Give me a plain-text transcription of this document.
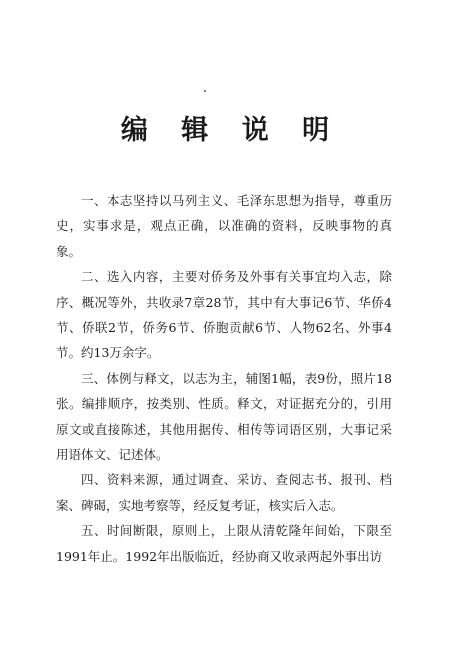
编 辑 说 明

一、本志坚持以马列主义、毛泽东思想为指导，尊重历史，实事求是，观点正确，以准确的资料，反映事物的真象。

二、选入内容，主要对侨务及外事有关事宜均入志，除序、概况等外，共收录7章28节，其中有大事记6节、华侨4节、侨联2节，侨务6节、侨胞贡献6节、人物62名、外事4节。约13万余字。

三、体例与释文，以志为主，辅图1幅，表9份，照片18张。编排顺序，按类别、性质。释文，对证据充分的，引用原文或直接陈述，其他用据传、相传等词语区别，大事记采用语体文、记述体。

四、资料来源，通过调查、采访、查阅志书、报刊、档案、碑碣，实地考察等，经反复考证，核实后入志。

五、时间断限，原则上，上限从清乾隆年间始，下限至1991年止。1992年出版临近，经协商又收录两起外事出访
